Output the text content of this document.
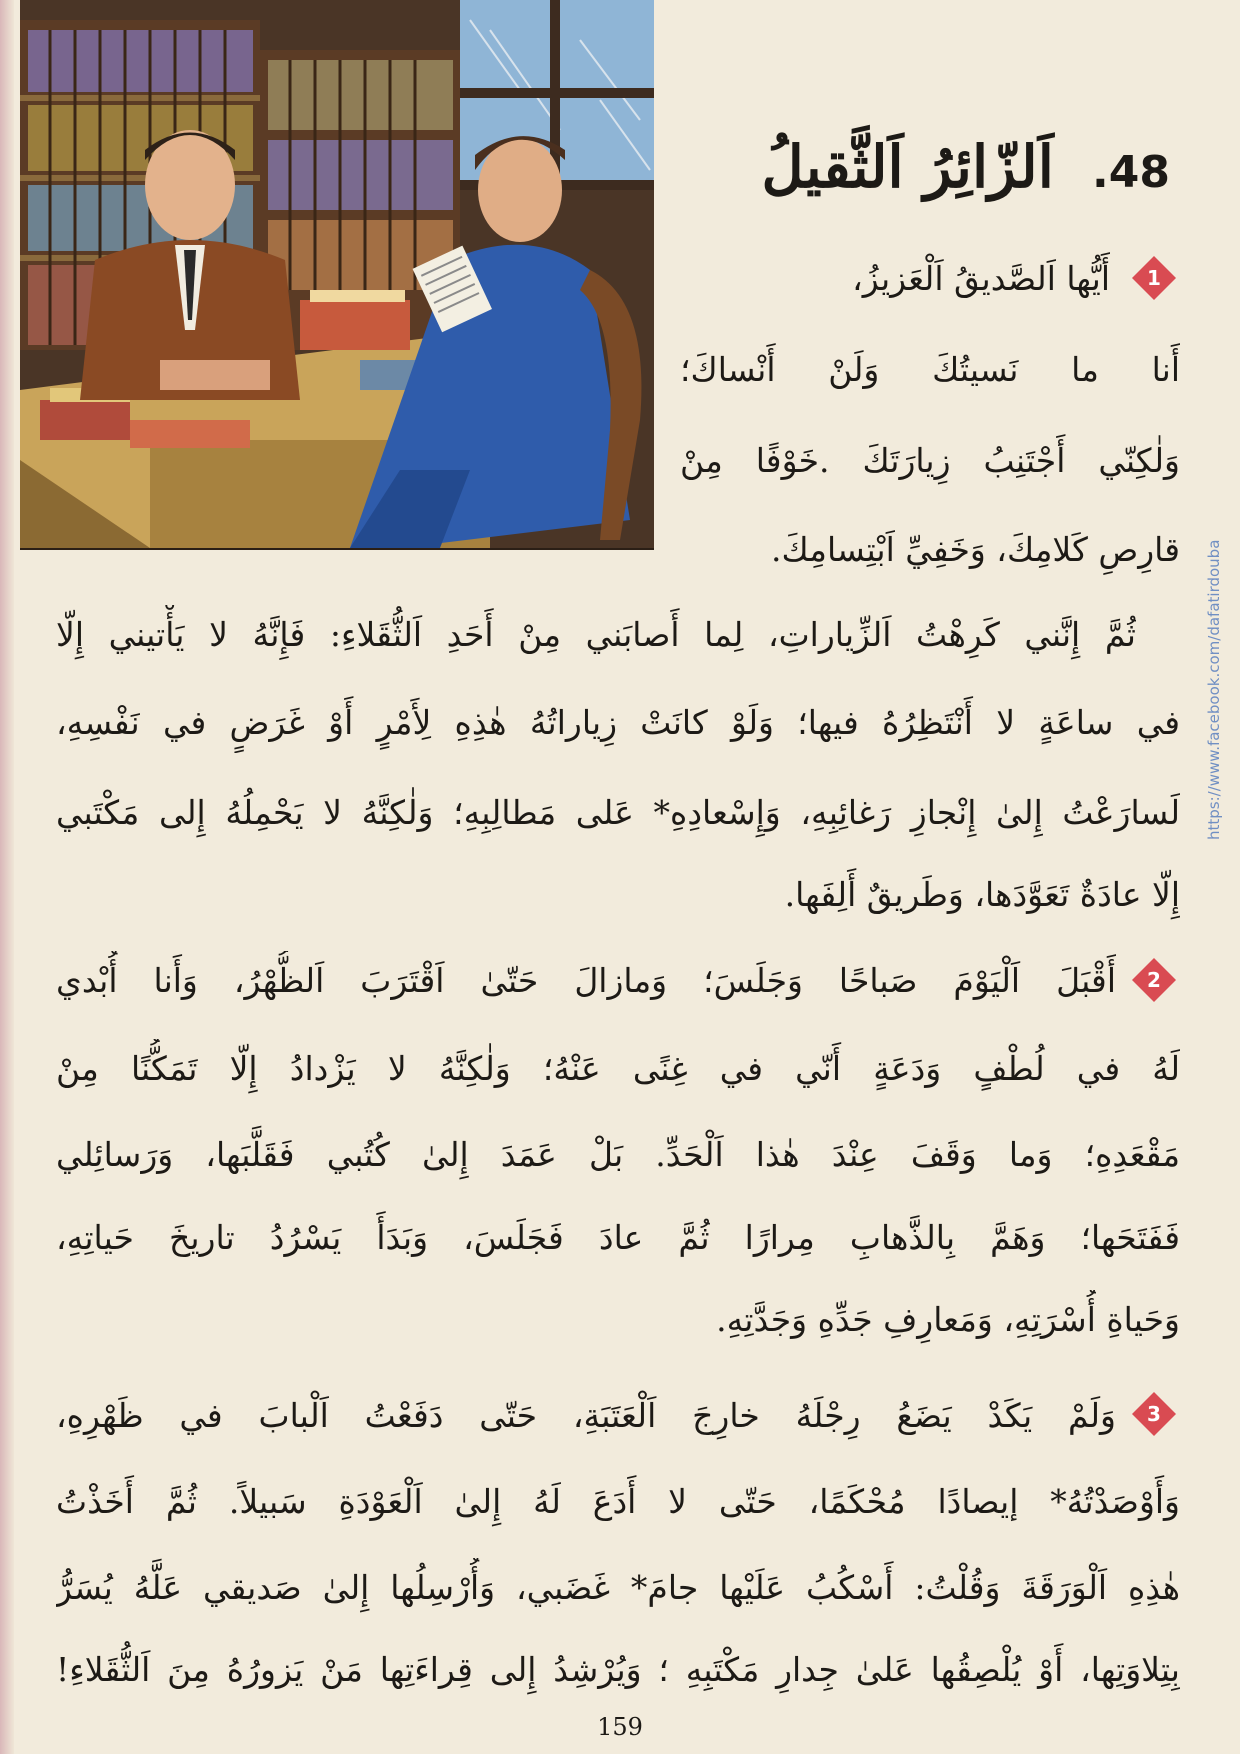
48. اَلزّائِرُ اَلثَّقيلُ
1
أَيُّها اَلصَّديقُ اَلْعَزيزُ،
أَنا ما نَسيتُكَ وَلَنْ أَنْساكَ؛
وَلٰكِنّي أَجْتَنِبُ زِيارَتَكَ .خَوْفًا مِنْ
قارِصِ كَلامِكَ، وَخَفِيِّ اَبْتِسامِكَ.
ثُمَّ إِنَّني كَرِهْتُ اَلزِّياراتِ، لِما أَصابَني مِنْ أَحَدِ اَلثُّقَلاءِ: فَإِنَّهُ لا يَأْتيني إِلّا
في ساعَةٍ لا أَنْتَظِرُهُ فيها؛ وَلَوْ كانَتْ زِياراتُهُ هٰذِهِ لِأَمْرٍ أَوْ غَرَضٍ في نَفْسِهِ،
لَسارَعْتُ إِلىٰ إِنْجازِ رَغائِبِهِ، وَإِسْعادِهِ* عَلى مَطالِبِهِ؛ وَلٰكِنَّهُ لا يَحْمِلُهُ إِلى مَكْتَبي
إِلّا عادَةٌ تَعَوَّدَها، وَطَريقٌ أَلِفَها.
2
أَقْبَلَ اَلْيَوْمَ صَباحًا وَجَلَسَ؛ وَمازالَ حَتّىٰ اَقْتَرَبَ اَلظُّهْرُ، وَأَنا أُبْدي
لَهُ في لُطْفٍ وَدَعَةٍ أَنّي في غِنًى عَنْهُ؛ وَلٰكِنَّهُ لا يَزْدادُ إِلّا تَمَكُّنًا مِنْ
مَقْعَدِهِ؛ وَما وَقَفَ عِنْدَ هٰذا اَلْحَدِّ. بَلْ عَمَدَ إِلىٰ كُتُبي فَقَلَّبَها، وَرَسائِلي
فَفَتَحَها؛ وَهَمَّ بِالذَّهابِ مِرارًا ثُمَّ عادَ فَجَلَسَ، وَبَدَأَ يَسْرُدُ تاريخَ حَياتِهِ،
وَحَياةِ أُسْرَتِهِ، وَمَعارِفِ جَدِّهِ وَجَدَّتِهِ.
3
وَلَمْ يَكَدْ يَضَعُ رِجْلَهُ خارِجَ اَلْعَتَبَةِ، حَتّى دَفَعْتُ اَلْبابَ في ظَهْرِهِ،
وَأَوْصَدْتُهُ* إيصادًا مُحْكَمًا، حَتّى لا أَدَعَ لَهُ إِلىٰ اَلْعَوْدَةِ سَبيلاً. ثُمَّ أَخَذْتُ
هٰذِهِ اَلْوَرَقَةَ وَقُلْتُ: أَسْكُبُ عَلَيْها جامَ* غَضَبي، وَأُرْسِلُها إِلىٰ صَديقي عَلَّهُ يُسَرُّ
بِتِلاوَتِها، أَوْ يُلْصِقُها عَلىٰ جِدارِ مَكْتَبِهِ ؛ وَيُرْشِدُ إِلى قِراءَتِها مَنْ يَزورُهُ مِنَ اَلثُّقَلاءِ!
https://www.facebook.com/dafatirdouba
159
